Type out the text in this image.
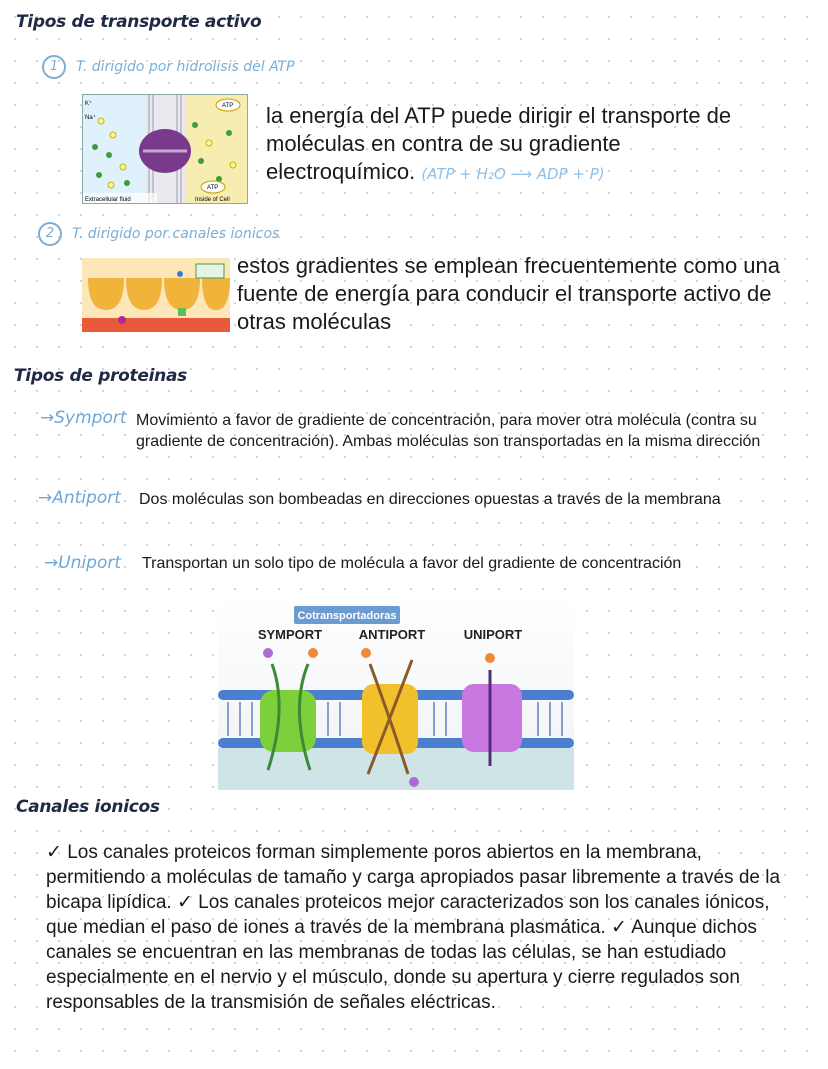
Tipos de transporte activo
1 T. dirigido por hidrolisis del ATP
K⁺
Na⁺
ATP
ATP
Extracellular fluid	Inside of Cell
la energía del ATP puede dirigir el transporte de moléculas en contra de su gradiente electroquímico. (ATP + H₂O ⟶ ADP + P)
2 T. dirigido por canales ionicos
estos gradientes se emplean frecuentemente como una fuente de energía para conducir el transporte activo de otras moléculas
Tipos de proteinas
→Symport Movimiento a favor de gradiente de concentración, para mover otra molécula (contra su gradiente de concentración). Ambas moléculas son transportadas en la misma dirección
→Antiport Dos moléculas son bombeadas en direcciones opuestas a través de la membrana
→Uniport Transportan un solo tipo de molécula a favor del gradiente de concentración
Cotransportadoras
SYMPORT	ANTIPORT	UNIPORT
Canales ionicos
✓ Los canales proteicos forman simplemente poros abiertos en la membrana, permitiendo a moléculas de tamaño y carga apropiados pasar libremente a través de la bicapa lipídica. ✓ Los canales proteicos mejor caracterizados son los canales iónicos, que median el paso de iones a través de la membrana plasmática. ✓ Aunque dichos canales se encuentran en las membranas de todas las células, se han estudiado especialmente en el nervio y el músculo, donde su apertura y cierre regulados son responsables de la transmisión de señales eléctricas.
